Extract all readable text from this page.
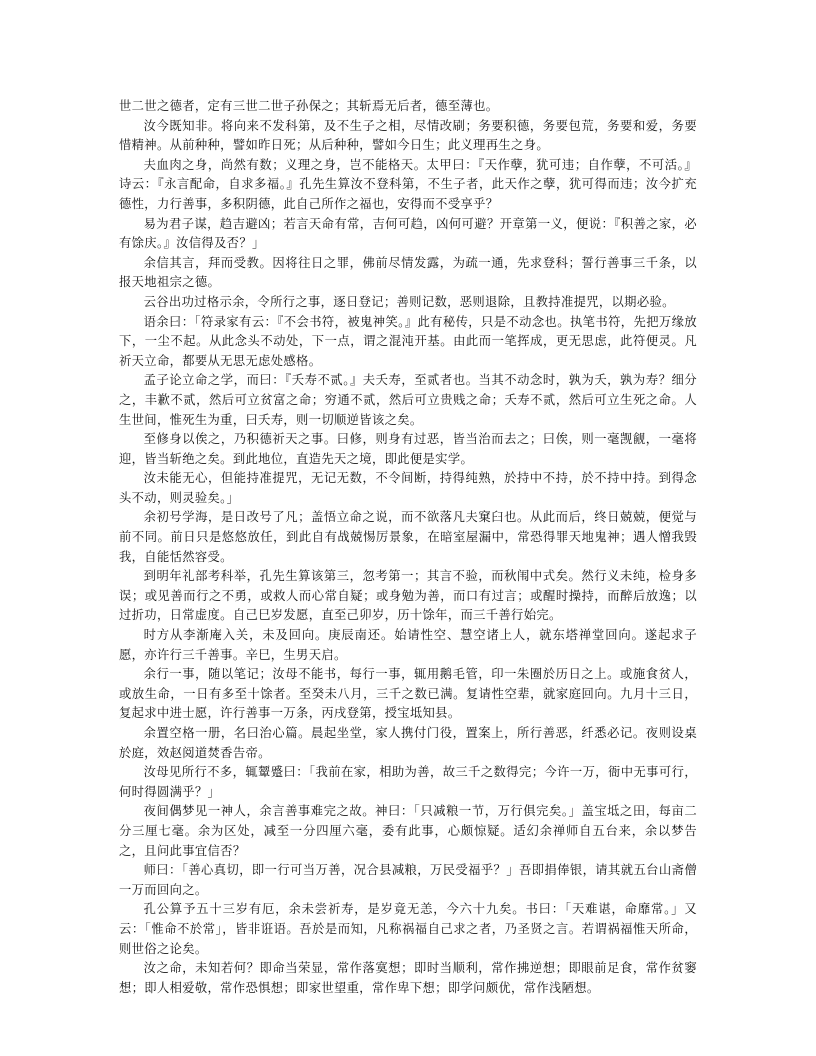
世二世之德者，定有三世二世子孙保之；其斩焉无后者，德至薄也。

汝今既知非。将向来不发科第，及不生子之相，尽情改刷；务要积德，务要包荒，务要和爱，务要惜精神。从前种种，譬如昨日死；从后种种，譬如今日生；此义理再生之身。

夫血肉之身，尚然有数；义理之身，岂不能格天。太甲曰：『天作孽，犹可违；自作孽，不可活。』诗云：『永言配命，自求多福。』孔先生算汝不登科第，不生子者，此天作之孽，犹可得而违；汝今扩充德性，力行善事，多积阴德，此自己所作之福也，安得而不受享乎？

易为君子谋，趋吉避凶；若言天命有常，吉何可趋，凶何可避？开章第一义，便说：『积善之家，必有馀庆。』汝信得及否？」

余信其言，拜而受教。因将往日之罪，佛前尽情发露，为疏一通，先求登科；誓行善事三千条，以报天地祖宗之德。

云谷出功过格示余，令所行之事，逐日登记；善则记数，恶则退除，且教持准提咒，以期必验。

语余曰：「符录家有云：『不会书符，被鬼神笑。』此有秘传，只是不动念也。执笔书符，先把万缘放下，一尘不起。从此念头不动处，下一点，谓之混沌开基。由此而一笔挥成，更无思虑，此符便灵。凡祈天立命，都要从无思无虑处感格。

孟子论立命之学，而曰：『夭寿不贰。』夫夭寿，至贰者也。当其不动念时，孰为夭，孰为寿？细分之，丰歉不贰，然后可立贫富之命；穷通不贰，然后可立贵贱之命；夭寿不贰，然后可立生死之命。人生世间，惟死生为重，曰夭寿，则一切顺逆皆该之矣。

至修身以俟之，乃积德祈天之事。曰修，则身有过恶，皆当治而去之；曰俟，则一毫觊觎，一毫将迎，皆当斩绝之矣。到此地位，直造先天之境，即此便是实学。

汝未能无心，但能持准提咒，无记无数，不令间断，持得纯熟，於持中不持，於不持中持。到得念头不动，则灵验矣。」

余初号学海，是日改号了凡；盖悟立命之说，而不欲落凡夫窠臼也。从此而后，终日兢兢，便觉与前不同。前日只是悠悠放任，到此自有战兢惕厉景象，在暗室屋漏中，常恐得罪天地鬼神；遇人憎我毁我，自能恬然容受。

到明年礼部考科举，孔先生算该第三，忽考第一；其言不验，而秋闱中式矣。然行义未纯，检身多误；或见善而行之不勇，或救人而心常自疑；或身勉为善，而口有过言；或醒时操持，而醉后放逸；以过折功，日常虚度。自己巳岁发愿，直至己卯岁，历十馀年，而三千善行始完。

时方从李渐庵入关，未及回向。庚辰南还。始请性空、慧空诸上人，就东塔禅堂回向。遂起求子愿，亦许行三千善事。辛巳，生男天启。

余行一事，随以笔记；汝母不能书，每行一事，辄用鹅毛管，印一朱圈於历日之上。或施食贫人，或放生命，一日有多至十馀者。至癸未八月，三千之数已满。复请性空辈，就家庭回向。九月十三日，复起求中进士愿，许行善事一万条，丙戌登第，授宝坻知县。

余置空格一册，名曰治心篇。晨起坐堂，家人携付门役，置案上，所行善恶，纤悉必记。夜则设桌於庭，效赵阅道焚香告帝。

汝母见所行不多，辄颦蹙曰：「我前在家，相助为善，故三千之数得完；今许一万，衙中无事可行，何时得圆满乎？」

夜间偶梦见一神人，余言善事难完之故。神曰：「只减粮一节，万行俱完矣。」盖宝坻之田，每亩二分三厘七毫。余为区处，减至一分四厘六毫，委有此事，心颇惊疑。适幻余禅师自五台来，余以梦告之，且问此事宜信否？

师曰：「善心真切，即一行可当万善，况合县减粮，万民受福乎？」吾即捐俸银，请其就五台山斋僧一万而回向之。

孔公算予五十三岁有厄，余未尝祈寿，是岁竟无恙，今六十九矣。书曰：「天难谌，命靡常。」又云：「惟命不於常」，皆非诳语。吾於是而知，凡称祸福自己求之者，乃圣贤之言。若谓祸福惟天所命，则世俗之论矣。

汝之命，未知若何？即命当荣显，常作落寞想；即时当顺利，常作拂逆想；即眼前足食，常作贫窭想；即人相爱敬，常作恐惧想；即家世望重，常作卑下想；即学问颇优，常作浅陋想。
